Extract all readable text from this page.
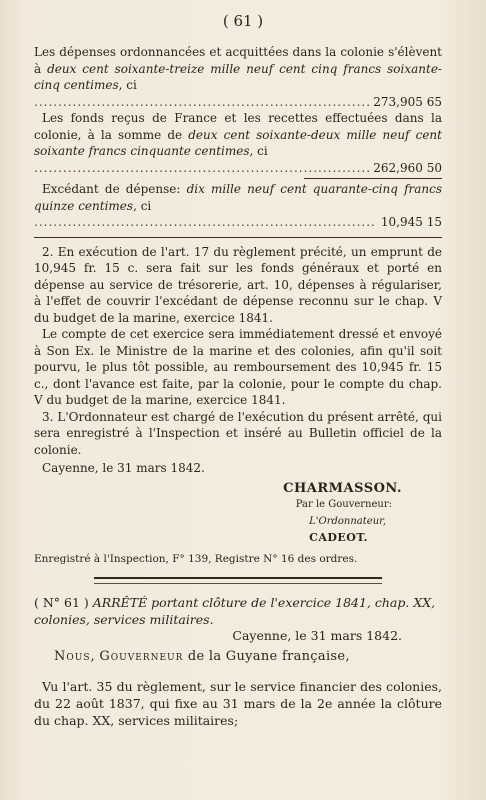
( 61 )

Les dépenses ordonnancées et acquittées dans la colonie s'élèvent à deux cent soixante-treize mille neuf cent cinq francs soixante-cinq centimes, ci

.....
273,905 65

Les fonds reçus de France et les recettes effectuées dans la colonie, à la somme de deux cent soixante-deux mille neuf cent soixante francs cinquante centimes, ci

.....
262,960 50

Excédant de dépense: dix mille neuf cent quarante-cinq francs quinze centimes, ci

.....
10,945 15

2. En exécution de l'art. 17 du règlement précité, un emprunt de 10,945 fr. 15 c. sera fait sur les fonds généraux et porté en dépense au service de trésorerie, art. 10, dépenses à régulariser, à l'effet de couvrir l'excédant de dépense reconnu sur le chap. V du budget de la marine, exercice 1841.

Le compte de cet exercice sera immédiatement dressé et envoyé à Son Ex. le Ministre de la marine et des colonies, afin qu'il soit pourvu, le plus tôt possible, au remboursement des 10,945 fr. 15 c., dont l'avance est faite, par la colonie, pour le compte du chap. V du budget de la marine, exercice 1841.

3. L'Ordonnateur est chargé de l'exécution du présent arrêté, qui sera enregistré à l'Inspection et inséré au Bulletin officiel de la colonie.

Cayenne, le 31 mars 1842.

CHARMASSON.
Par le Gouverneur:
L'Ordonnateur,
CADEOT.
Enregistré à l'Inspection, F° 139, Registre N° 16 des ordres.
( N° 61 ) ARRÊTÉ portant clôture de l'exercice 1841, chap. XX, colonies, services militaires.
Cayenne, le 31 mars 1842.
Nous, Gouverneur de la Guyane française,

Vu l'art. 35 du règlement, sur le service financier des colonies, du 22 août 1837, qui fixe au 31 mars de la 2e année la clôture du chap. XX, services militaires;
